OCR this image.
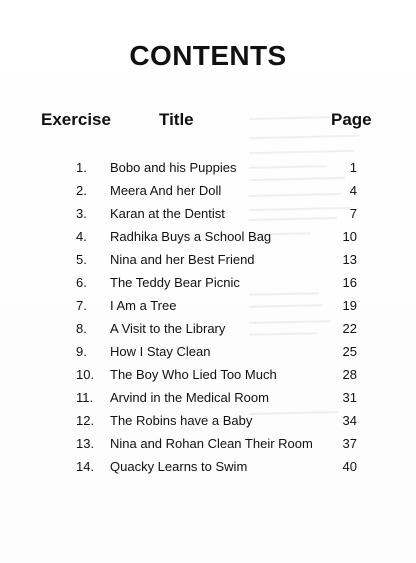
CONTENTS
Exercise	Title	Page
1.	Bobo and his Puppies	1
2.	Meera And her Doll	4
3.	Karan at the Dentist	7
4.	Radhika Buys a School Bag	10
5.	Nina and her Best Friend	13
6.	The Teddy Bear Picnic	16
7.	I Am a Tree	19
8.	A Visit to the Library	22
9.	How I Stay Clean	25
10.	The Boy Who Lied Too Much	28
11.	Arvind in the Medical Room	31
12.	The Robins have a Baby	34
13.	Nina and Rohan Clean Their Room	37
14.	Quacky Learns to Swim	40
